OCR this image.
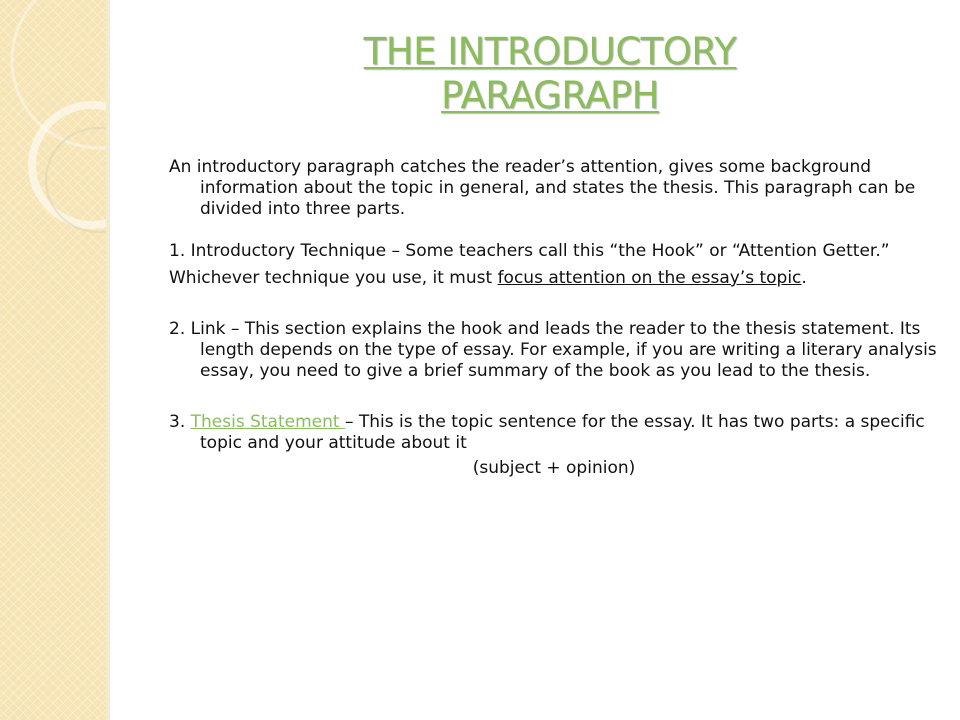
THE INTRODUCTORY
PARAGRAPH

An introductory paragraph catches the reader’s attention, gives some background information about the topic in general, and states the thesis. This paragraph can be divided into three parts.

1. Introductory Technique – Some teachers call this “the Hook” or “Attention Getter.”

Whichever technique you use, it must focus attention on the essay’s topic.

2. Link – This section explains the hook and leads the reader to the thesis statement. Its length depends on the type of essay. For example, if you are writing a literary analysis essay, you need to give a brief summary of the book as you lead to the thesis.

3. Thesis Statement – This is the topic sentence for the essay. It has two parts: a specific topic and your attitude about it

(subject + opinion)
